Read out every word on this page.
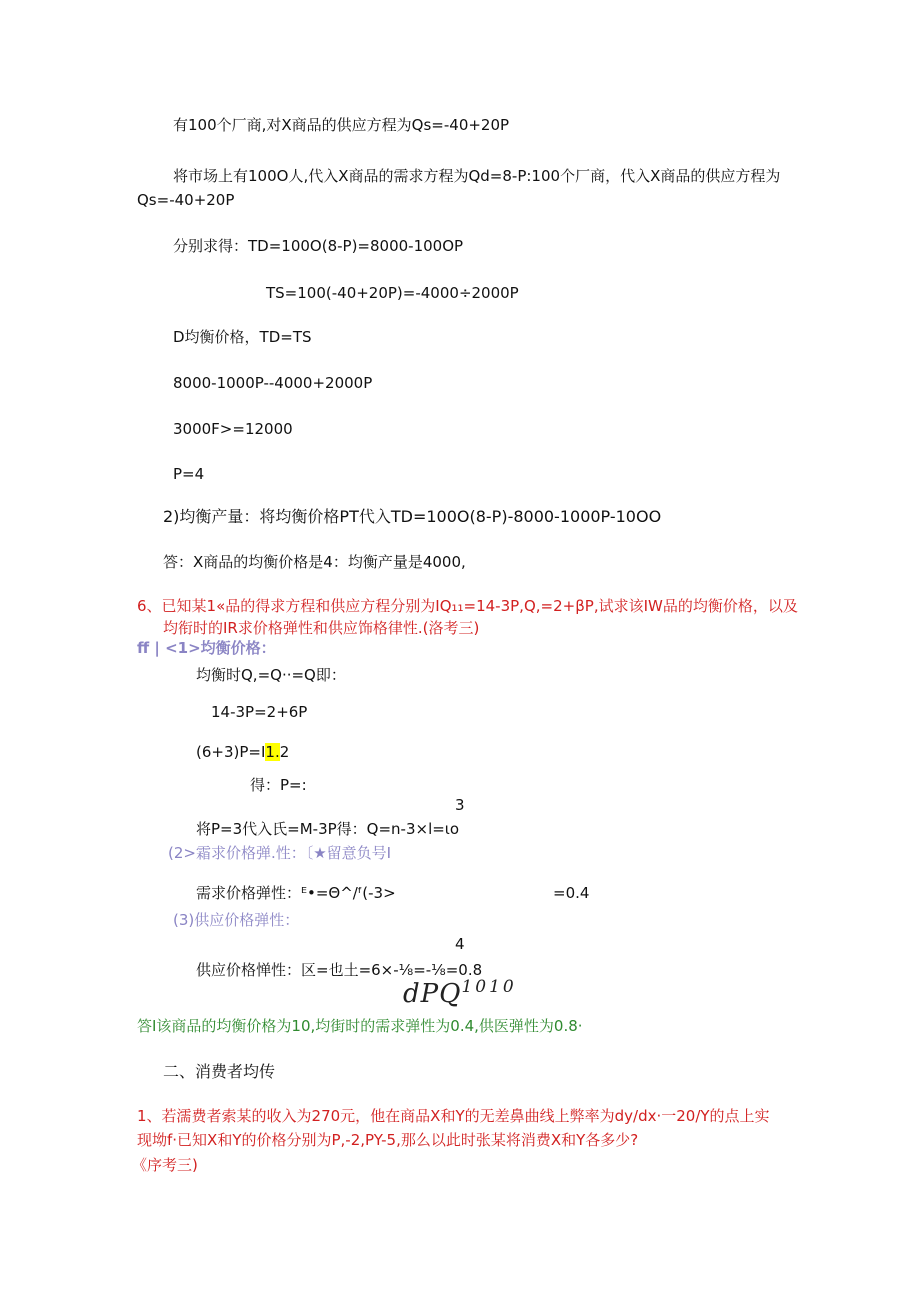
有100个厂商,对X商品的供应方程为Qs=-40+20P
将市场上有100O人,代入X商品的需求方程为Qd=8-P:100个厂商，代入X商品的供应方程为
Qs=-40+20P
分别求得：TD=100O(8-P)=8000-100OP
TS=100(-40+20P)=-4000÷2000P
D均衡价格，TD=TS
8000-1000P--4000+2000P
3000F>=12000
P=4
2)均衡产量：将均衡价格PT代入TD=100O(8-P)-8000-1000P-10OO
答：X商品的均衡价格是4：均衡产量是4000,
6、已知某1«品的得求方程和供应方程分别为IQ₁₁=14-3P,Q,=2+βP,试求该IW品的均衡价格，以及
均衔时的IR求价格弹性和供应饰格律性.(洛考三)
ff | <1>均衡价格：
均衡时Q,=Q··=Q即：
14-3P=2+6P
(6+3)P=I1.2
得：P=:
3
将P=3代入氏=M-3P得：Q=n-3×l=ιo
(2>霜求价格弹.性：〔★留意负号I
需求价格弹性：ᴱ•=Θ^/ᶠ(-3>	=0.4
(3)供应价格弹性：
4
供应价格惮性：区=也土=6×-⅛=-⅛=0.8
dPQ$^{1010}$
答I该商品的均衡价格为10,均街时的需求弹性为0.4,供医弹性为0.8·
二、消费者均传
1、若濡费者索某的收入为270元，他在商品X和Y的无差鼻曲线上弊率为dy/dx·一20/Y的点上实
现坳f·已知X和Y的价格分别为P,-2,PY-5,那么以此时张某将消费X和Y各多少?
《序考三)
